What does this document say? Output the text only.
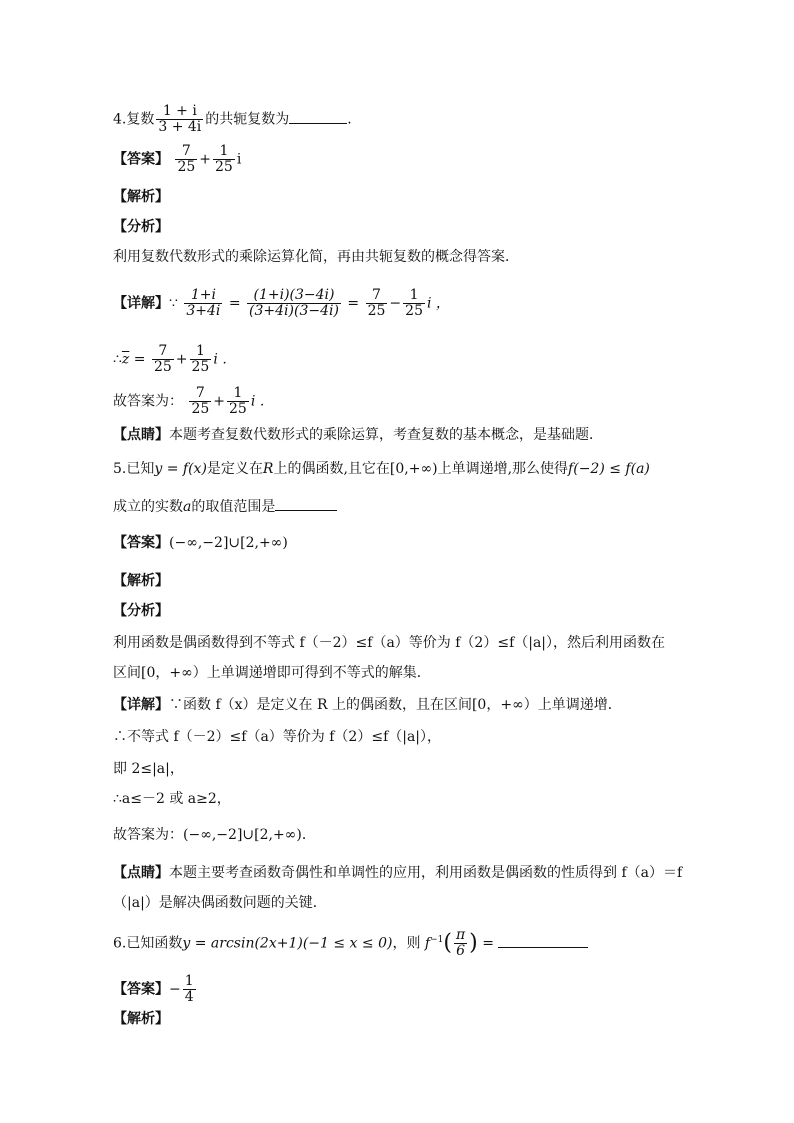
4.复数 $\frac{1 + i}{3 + 4i}$ 的共轭复数为	.
【答案】 $\frac{7}{25} + \frac{1}{25}$ i
【解析】
【分析】
利用复数代数形式的乘除运算化简，再由共轭复数的概念得答案．
【详解】∵ $\frac{1+i}{3+4i} = \frac{(1+i)(3-4i)}{(3+4i)(3-4i)} = \frac{7}{25} - \frac{1}{25}$ i ，
$\therefore\overline{z} = \frac{7}{25} + \frac{1}{25}$ i ．
故答案为： $\frac{7}{25} + \frac{1}{25}$ i ．
【点睛】本题考查复数代数形式的乘除运算，考查复数的基本概念，是基础题．
5.已知y = f(x)是定义在R上的偶函数,且它在[0,+∞)上单调递增,那么使得f(−2) ≤ f(a)
成立的实数a的取值范围是
【答案】(−∞,−2]∪[2,+∞)
【解析】
【分析】
利用函数是偶函数得到不等式 f（－2）≤f（a）等价为 f（2）≤f（|a|），然后利用函数在
区间[0，+∞）上单调递增即可得到不等式的解集．
【详解】∵函数 f（x）是定义在 R 上的偶函数，且在区间[0，+∞）上单调递增．
∴不等式 f（－2）≤f（a）等价为 f（2）≤f（|a|），
即 2≤|a|，
∴a≤－2 或 a≥2，
故答案为：(−∞,−2]∪[2,+∞)．
【点睛】本题主要考查函数奇偶性和单调性的应用，利用函数是偶函数的性质得到 f（a）＝f
（|a|）是解决偶函数问题的关键．
6.已知函数y = arcsin(2x+1)(−1 ≤ x ≤ 0)，则 $f^{-1}( \frac{\pi}{6}$ ) =
【答案】− $\frac{1}{4}$
【解析】
